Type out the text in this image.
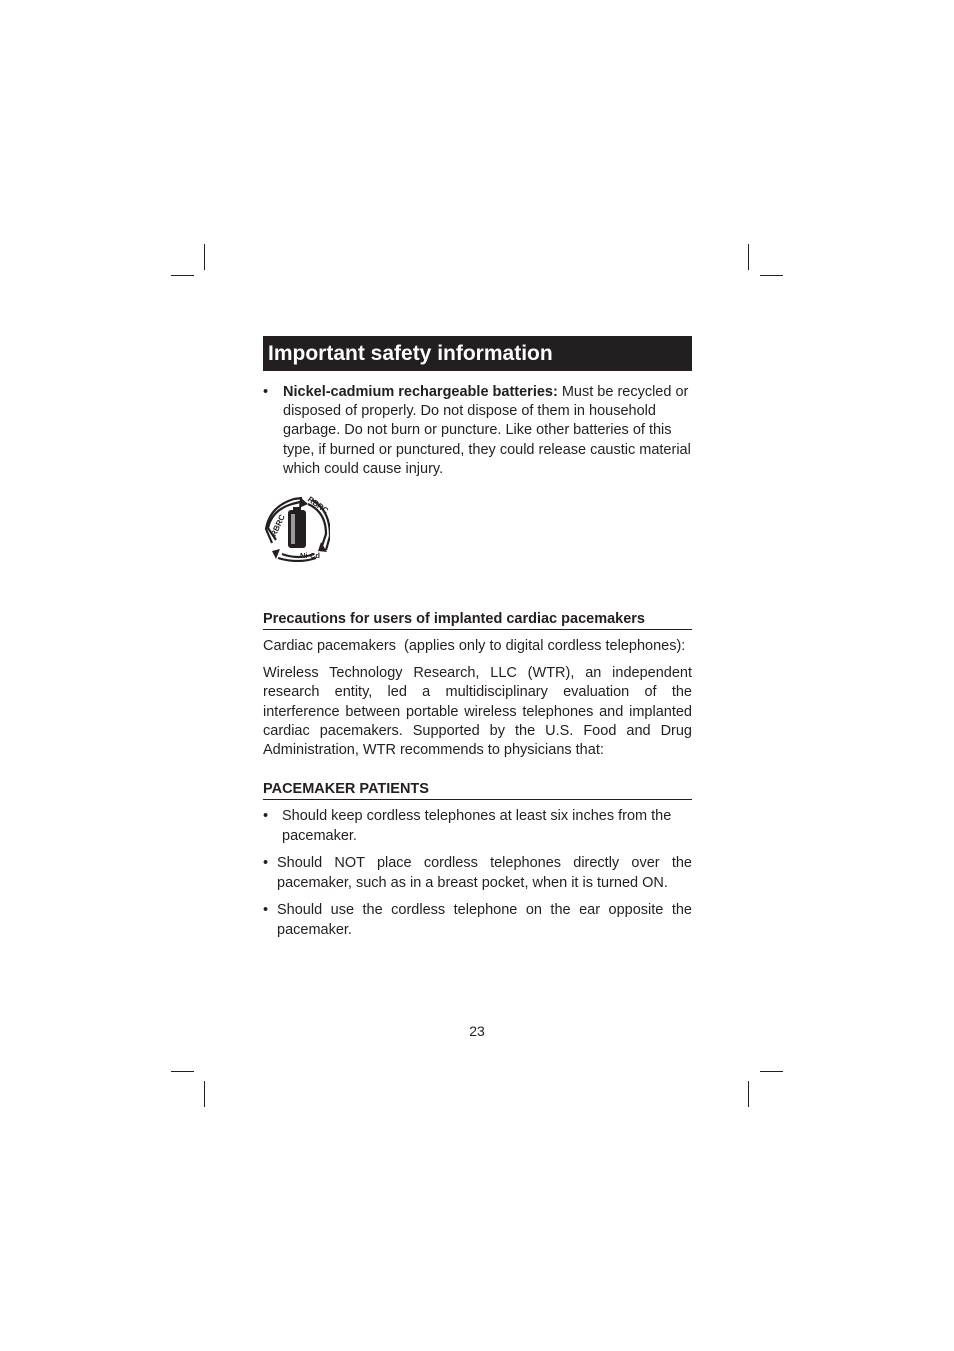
Important safety information
• Nickel-cadmium rechargeable batteries: Must be recycled or disposed of properly. Do not dispose of them in household garbage. Do not burn or puncture. Like other batteries of this type, if burned or punctured, they could release caustic material which could cause injury.
RBRC
RBRC
Ni-Cd
Precautions for users of implanted cardiac pacemakers
Cardiac pacemakers  (applies only to digital cordless telephones):
Wireless Technology Research, LLC (WTR), an independent research entity, led a multidisciplinary evaluation of the interference between portable wireless telephones and implanted cardiac pacemakers. Supported by the U.S. Food and Drug Administration, WTR recommends to physicians that:
PACEMAKER PATIENTS
• Should keep cordless telephones at least six inches from the pacemaker.
• Should NOT place cordless telephones directly over the pacemaker, such as in a breast pocket, when it is turned ON.
• Should use the cordless telephone on the ear opposite the pacemaker.
23
